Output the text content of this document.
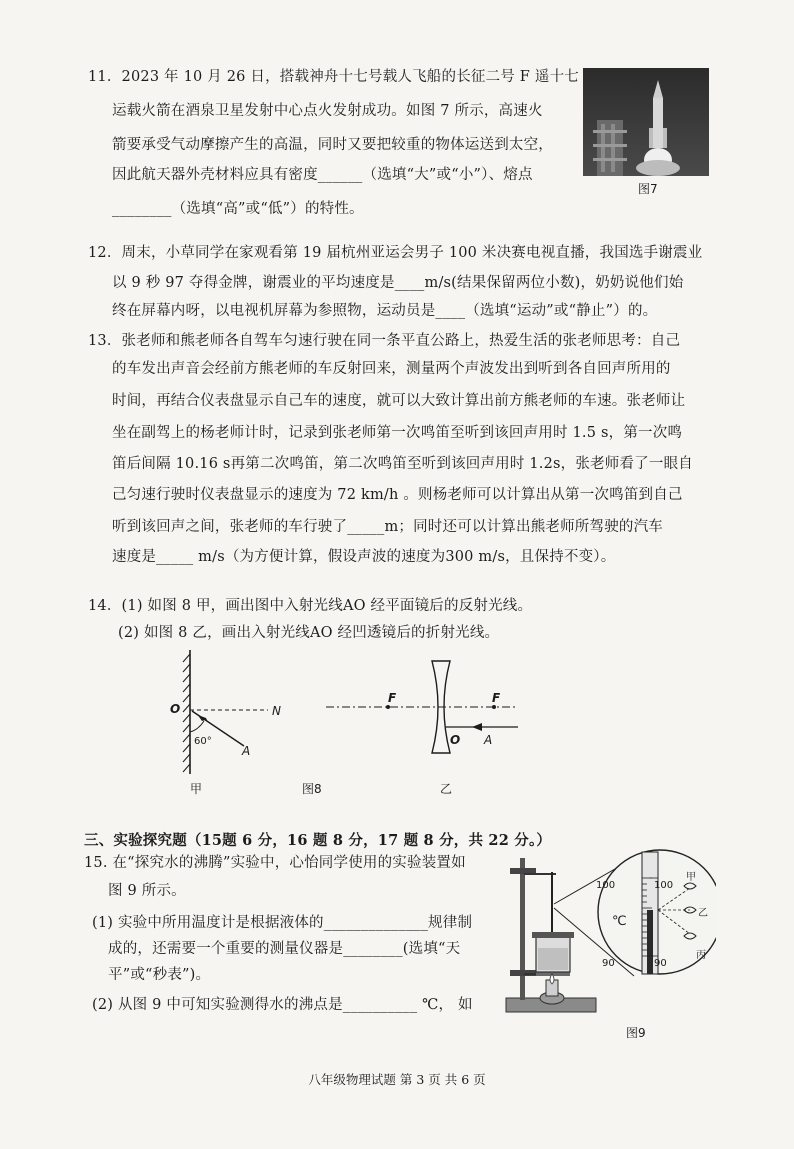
11．2023 年 10 月 26 日，搭载神舟十七号载人飞船的长征二号 F 遥十七
运载火箭在酒泉卫星发射中心点火发射成功。如图 7 所示，高速火
箭要承受气动摩擦产生的高温，同时又要把较重的物体运送到太空，
因此航天器外壳材料应具有密度______（选填“大”或“小”）、熔点
________（选填“高”或“低”）的特性。
图7
12．周末，小草同学在家观看第 19 届杭州亚运会男子 100 米决赛电视直播，我国选手谢震业
以 9 秒 97 夺得金牌，谢震业的平均速度是____m/s(结果保留两位小数)，奶奶说他们始
终在屏幕内呀，以电视机屏幕为参照物，运动员是____（选填“运动”或“静止”）的。
13．张老师和熊老师各自驾车匀速行驶在同一条平直公路上，热爱生活的张老师思考：自己
的车发出声音会经前方熊老师的车反射回来，测量两个声波发出到听到各自回声所用的
时间，再结合仪表盘显示自己车的速度，就可以大致计算出前方熊老师的车速。张老师让
坐在副驾上的杨老师计时，记录到张老师第一次鸣笛至听到该回声用时 1.5 s，第一次鸣
笛后间隔 10.16 s再第二次鸣笛，第二次鸣笛至听到该回声用时 1.2s，张老师看了一眼自
己匀速行驶时仪表盘显示的速度为 72 km/h 。则杨老师可以计算出从第一次鸣笛到自己
听到该回声之间，张老师的车行驶了_____m；同时还可以计算出熊老师所驾驶的汽车
速度是_____ m/s（为方便计算，假设声波的速度为300 m/s，且保持不变）。
14．(1) 如图 8 甲，画出图中入射光线AO 经平面镜后的反射光线。
(2) 如图 8 乙，画出入射光线AO 经凹透镜后的折射光线。
O	N
A
60°
甲	图8
F	F
O A
乙
三、实验探究题（15题 6 分，16 题 8 分，17 题 8 分，共 22 分。）
15. 在“探究水的沸腾”实验中，心怡同学使用的实验装置如
图 9 所示。
(1) 实验中所用温度计是根据液体的______________规律制
成的，还需要一个重要的测量仪器是________(选填“天
平”或“秒表”)。
(2) 从图 9 中可知实验测得水的沸点是__________ ℃， 如
100	100
90	90
℃
甲
乙
丙
图9
八年级物理试题 第 3 页 共 6 页
